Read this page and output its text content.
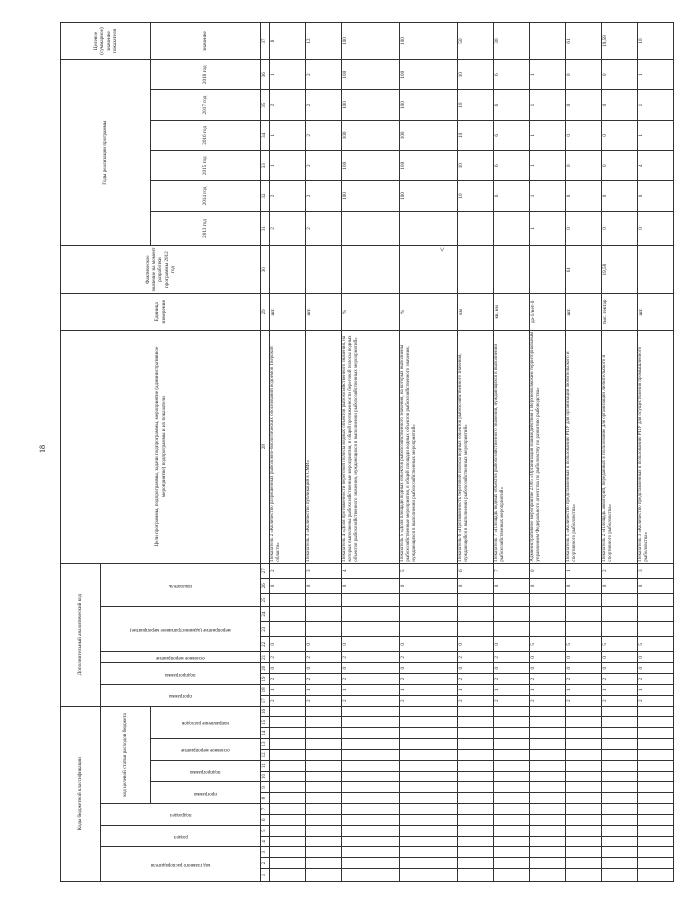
18
Коды бюджетной классификации																Дополнительный аналитический код											Цели программы, подпрограммы, задачи подпрограммы, мероприятие (административное мероприятие) подпрограммы и их показатели	Единица измерения	Фактическое значение на момент разработки программы 2012 год	Годы реализации программы						Целевое (суммарное) значение показателя

код главного распорядителя			раздел		подраздел		код целевой статьи расходов бюджета									программа		подпрограмма		основное мероприятие	мероприятие (административное мероприятие)			показатель												

							программа		подпрограмма		основное мероприятие		направление расходов																	2013 год	2014 год	2015 год	2016 год	2017 год	2018 год	значение
1	2	3	4	5	6	7	8	9	10	11	12	13	14	15	16	17	18	19	20	21	22	23	24	25	26	27	28	29	30	31	32	33	34	35	36	37
																2	1	2	0	2	0				0	2	Показатель 2 «Количество разрешенных рыболовно-биологических обоснований водоемов Тверской области»	шт.		2	2	1	1	2	1	8
																2	1	2	0	2	0				0	3	Показатель 3 «Количество публикаций в СМИ»	шт.		2	2	2	2	2	2	12
																2	1	2	0	2	0				0	4	Показатель 4 «Доля протяженности береговой полосы водных объектов рыбохозяйственного значения, на которых выполнены рыбохозяйственные мероприятия, в общей протяженности береговой полосы водных объектов рыбохозяйственного значения, нуждающихся в выполнении рыбохозяйственных мероприятий»	%			100	100	100	100	100	100
																2	1	2	0	2	0				0	5	Показатель 5 «Доля площади водных объектов рыбохозяйственного значения, на которых выполнены рыбохозяйственные мероприятия, в общей площади водных объектов рыбохозяйственного значения, нуждающихся в выполнении рыбохозяйственных мероприятий»	%			100	100	100	100	100	100
																2	1	2	0	2	0				0	6	Показатель 6 «Протяженность береговой полосы водных объектов рыбохозяйственного значения, нуждающейся в выполнении рыбохозяйственных мероприятий»	км			10	10	10	10	10	50
																2	1	2	0	2	0				0	7	Показатель 7 «Площадь водных объектов рыбохозяйственного значения, нуждающихся в выполнении рыбохозяйственных мероприятий»	кв. км			6	6	6	6	6	30
																2	1	2	0	0	5				0	0	Административное мероприятие 2.005 «Организация взаимодействия с Верхневолжским территориальным управлением Федерального агентства по рыболовству по развитию рыбоводства»	да-1/нет-0		1	1	1	1	1	1	
																2	1	2	0	0	5				0	1	Показатель 1 «Количество представленных к пользованию РПУ для организации любительского и спортивного рыболовства»	шт.	61	0	0	0	0	0	0	61
																2	1	2	0	0	5				0	2	Показатель 2 «Площадь акваторий, переданных в пользование для организации любительского и спортивного рыболовства»	тыс. гектар	19,58	0	0	0	0	0	0	19,58
																2	1	2	0	0	5				0	3	Показатель 3 «Количество представленных к пользованию РПУ для осуществления промышленного рыболовства»	шт.		0	0	4	1	1	1	10
<
